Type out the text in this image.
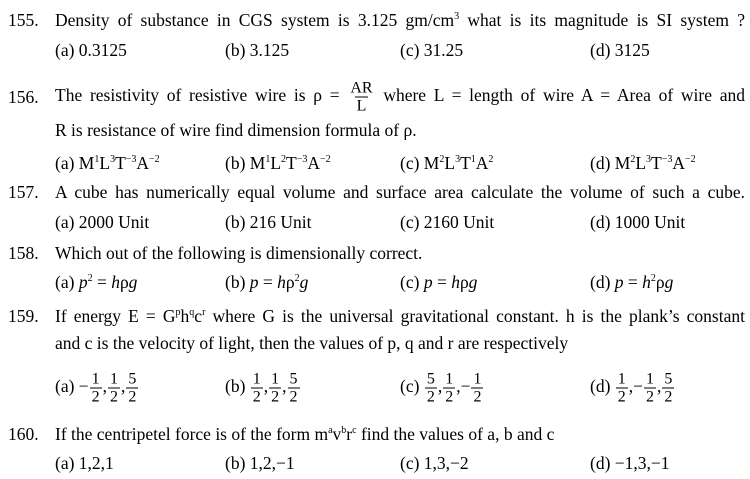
155. Density of substance in CGS system is 3.125 $gm/cm^3$ what is its magnitude is SI system ?
(a) 0.3125	(b) 3.125	(c) 31.25	(d) 3125
156. The resistivity of resistive wire is $\rho = \frac{AR}{L}$ where L = length of wire A = Area of wire and
R is resistance of wire find dimension formula of ρ.
(a) $M^1L^3T^{-3}A^{-2}$	(b) $M^1L^2T^{-3}A^{-2}$	(c) $M^2L^3T^1A^2$	(d) $M^2L^3T^{-3}A^{-2}$
157. A cube has numerically equal volume and surface area calculate the volume of such a cube.
(a) 2000 Unit	(b) 216 Unit	(c) 2160 Unit	(d) 1000 Unit
158. Which out of the following is dimensionally correct.
(a) $p^2 = h\rho g$	(b) $p = h\rho^2g$	(c) p = hρg	(d) $p = h^2\rho g$
159. If energy $E = G^ph^qc^r$ where G is the universal gravitational constant. h is the plank’s constant
and c is the velocity of light, then the values of p, q and r are respectively
$(a) - \frac{1}{2}$ , $\frac{1}{2}$ , $\frac{5}{2}$	$(b) \frac{1}{2}$ , $\frac{1}{2}$ , $\frac{5}{2}$	$(c) \frac{5}{2}$ , $\frac{1}{2}$ ,− $\frac{1}{2}$	$(d) \frac{1}{2}$ ,− $\frac{1}{2}$ , $\frac{5}{2}$
160. If the centripetel force is of the form $m^av^br^c$ find the values of a, b and c
(a) 1,2,1	(b) 1,2,−1	(c) 1,3,−2	(d) −1,3,−1
